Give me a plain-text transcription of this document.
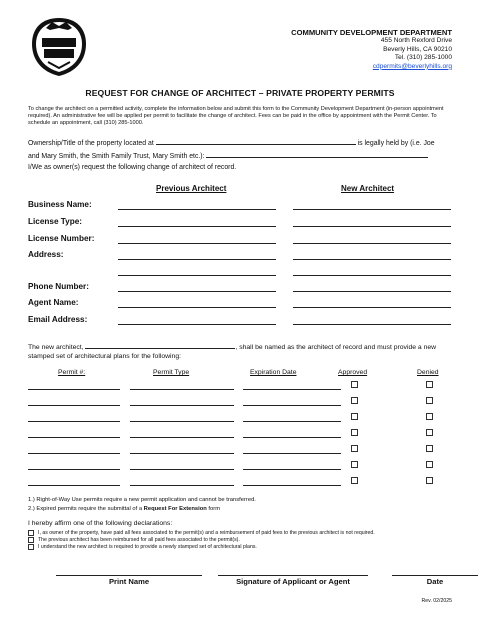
COMMUNITY DEVELOPMENT DEPARTMENT
455 North Rexford Drive
Beverly Hills, CA 90210
Tel. (310) 285-1000
cdpermits@beverlyhills.org
REQUEST FOR CHANGE OF ARCHITECT – PRIVATE PROPERTY PERMITS
To change the architect on a permitted activity, complete the information below and submit this form to the Community Development Department (in-person appointment required). An administrative fee will be applied per permit to facilitate the change of architect. Fees can be paid in the office by appointment with the Permit Center. To schedule an appointment, call (310) 285-1000.
Ownership/Title of the property located at	is legally held by (i.e. Joe
and Mary Smith, the Smith Family Trust, Mary Smith etc.):
I/We as owner(s) request the following change of architect of record.
Previous Architect	New Architect
Business Name:
License Type:
License Number:
Address:
Phone Number:
Agent Name:
Email Address:
The new architect,	, shall be named as the architect of record and must provide a new stamped set of architectural plans for the following:
Permit #:	Permit Type	Expiration Date	Approved	Denied
1.) Right-of-Way Use permits require a new permit application and cannot be transferred.
2.) Expired permits require the submittal of a Request For Extension form
I hereby affirm one of the following declarations:
I, as owner of the property, have paid all fees associated to the permit(s) and a reimbursement of paid fees to the previous architect is not required.
The previous architect has been reimbursed for all paid fees associated to the permit(s).
I understand the new architect is required to provide a newly stamped set of architectural plans.
Print Name	Signature of Applicant or Agent	Date
Rev. 02/2025
